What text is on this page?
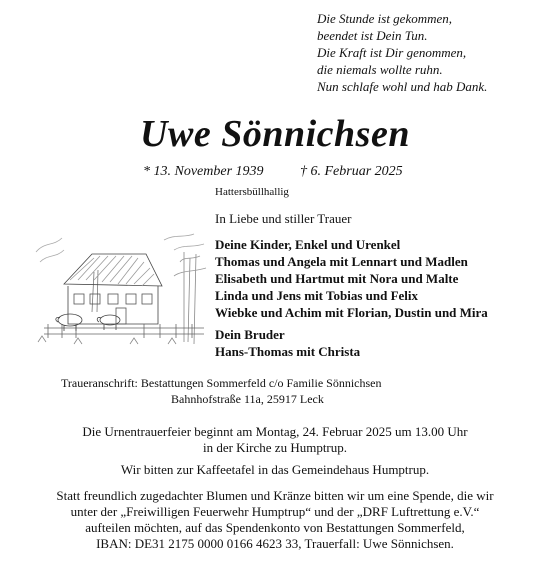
Die Stunde ist gekommen,
beendet ist Dein Tun.
Die Kraft ist Dir genommen,
die niemals wollte ruhn.
Nun schlafe wohl und hab Dank.
Uwe Sönnichsen
* 13. November 1939	† 6. Februar 2025
Hattersbüllhallig
In Liebe und stiller Trauer
Deine Kinder, Enkel und Urenkel
Thomas und Angela mit Lennart und Madlen
Elisabeth und Hartmut mit Nora und Malte
Linda und Jens mit Tobias und Felix
Wiebke und Achim mit Florian, Dustin und Mira
Dein Bruder
Hans-Thomas mit Christa
Traueranschrift: Bestattungen Sommerfeld c/o Familie Sönnichsen
Bahnhofstraße 11a, 25917 Leck
Die Urnentrauerfeier beginnt am Montag, 24. Februar 2025 um 13.00 Uhr
in der Kirche zu Humptrup.
Wir bitten zur Kaffeetafel in das Gemeindehaus Humptrup.
Statt freundlich zugedachter Blumen und Kränze bitten wir um eine Spende, die wir
unter der „Freiwilligen Feuerwehr Humptrup“ und der „DRF Luftrettung e.V.“
aufteilen möchten, auf das Spendenkonto von Bestattungen Sommerfeld,
IBAN: DE31 2175 0000 0166 4623 33, Trauerfall: Uwe Sönnichsen.
